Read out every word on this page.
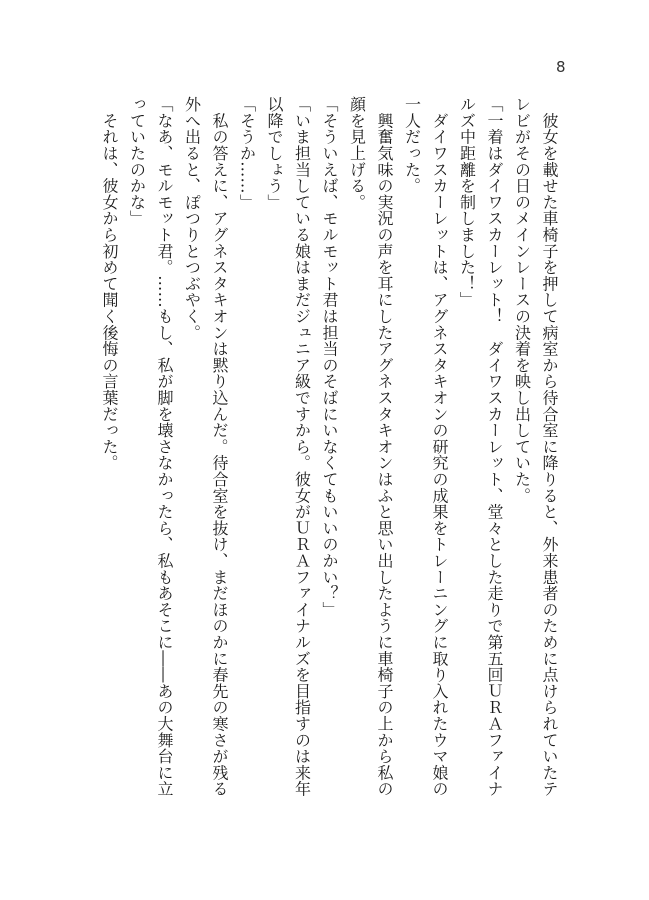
8
　彼女を載せた車椅子を押して病室から待合室に降りると、外来患者のために点けられていたテ
レビがその日のメインレースの決着を映し出していた。
「一着はダイワスカーレット！　ダイワスカーレット、堂々とした走りで第五回ＵＲＡファイナ
ルズ中距離を制しました！」
　ダイワスカーレットは、アグネスタキオンの研究の成果をトレーニングに取り入れたウマ娘の
一人だった。
　興奮気味の実況の声を耳にしたアグネスタキオンはふと思い出したように車椅子の上から私の
顔を見上げる。
「そういえば、モルモット君は担当のそばにいなくてもいいのかい？」
「いま担当している娘はまだジュニア級ですから。彼女がＵＲＡファイナルズを目指すのは来年
以降でしょう」
「そうか……」
　私の答えに、アグネスタキオンは黙り込んだ。待合室を抜け、まだほのかに春先の寒さが残る
外へ出ると、ぽつりとつぶやく。
「なあ、モルモット君。……もし、私が脚を壊さなかったら、私もあそこに――あの大舞台に立
っていたのかな」
　それは、彼女から初めて聞く後悔の言葉だった。
